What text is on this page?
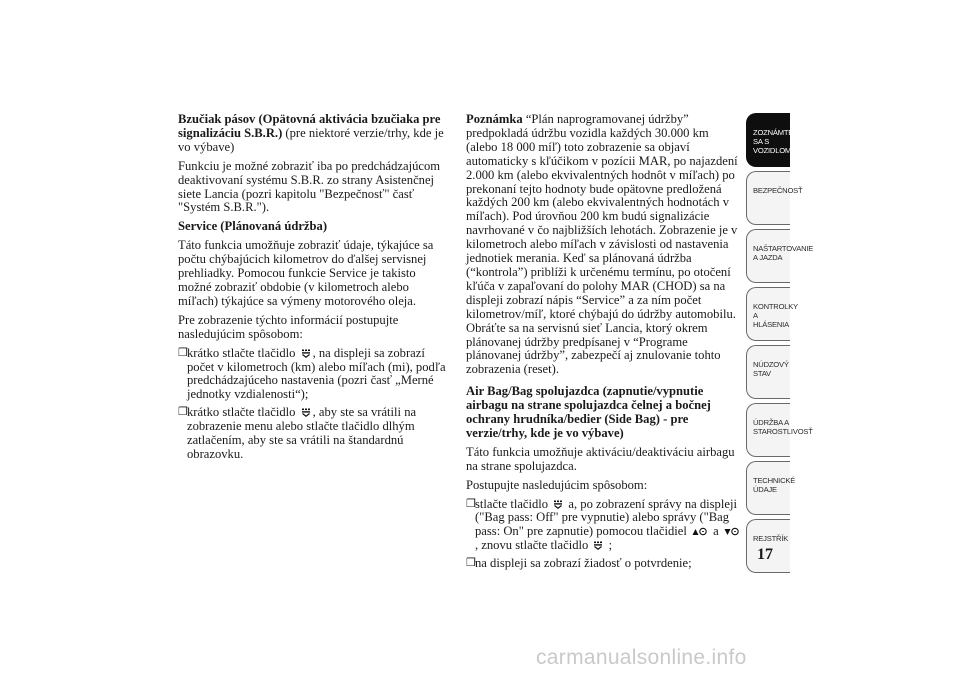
Bzučiak pásov (Opätovná aktivácia bzučiaka pre signalizáciu S.B.R.) (pre niektoré verzie/trhy, kde je vo výbave)

Funkciu je možné zobraziť iba po predchádzajúcom deaktivovaní systému S.B.R. zo strany Asistenčnej siete Lancia (pozri kapitolu "Bezpečnosť" časť "Systém S.B.R.").

Service (Plánovaná údržba)

Táto funkcia umožňuje zobraziť údaje, týkajúce sa počtu chýbajúcich kilometrov do ďalšej servisnej prehliadky. Pomocou funkcie Service je takisto možné zobraziť obdobie (v kilometroch alebo míľach) týkajúce sa výmeny motorového oleja.

Pre zobrazenie týchto informácií postupujte nasledujúcim spôsobom:

❒ krátko stlačte tlačidlo
, na displeji sa zobrazí počet v kilometroch (km) alebo míľach (mi), podľa predchádzajúceho nastavenia (pozri časť „Merné jednotky vzdialenosti“);
❒ krátko stlačte tlačidlo
, aby ste sa vrátili na zobrazenie menu alebo stlačte tlačidlo dlhým zatlačením, aby ste sa vrátili na štandardnú obrazovku.

Poznámka “Plán naprogramovanej údržby” predpokladá údržbu vozidla každých 30.000 km (alebo 18 000 míľ) toto zobrazenie sa objaví automaticky s kľúčikom v pozícii MAR, po najazdení 2.000 km (alebo ekvivalentných hodnôt v míľach) po prekonaní tejto hodnoty bude opätovne predložená každých 200 km (alebo ekvivalentných hodnotách v míľach). Pod úrovňou 200 km budú signalizácie navrhované v čo najbližších lehotách. Zobrazenie je v kilometroch alebo míľach v závislosti od nastavenia jednotiek merania. Keď sa plánovaná údržba (“kontrola”) priblíži k určenému termínu, po otočení kľúča v zapaľovaní do polohy MAR (CHOD) sa na displeji zobrazí nápis “Service” a za ním počet kilometrov/míľ, ktoré chýbajú do údržby automobilu. Obráťte sa na servisnú sieť Lancia, ktorý okrem plánovanej údržby predpísanej v “Programe plánovanej údržby”, zabezpečí aj znulovanie tohto zobrazenia (reset).

Air Bag/Bag spolujazdca (zapnutie/vypnutie airbagu na strane spolujazdca čelnej a bočnej ochrany hrudníka/bedier (Side Bag) - pre verzie/trhy, kde je vo výbave)

Táto funkcia umožňuje aktiváciu/deaktiváciu airbagu na strane spolujazdca.

Postupujte nasledujúcim spôsobom:

❒ stlačte tlačidlo
a, po zobrazení správy na displeji ("Bag pass: Off" pre vypnutie) alebo správy ("Bag pass: On" pre zapnutie) pomocou tlačidiel
a
, znovu stlačte tlačidlo
;
❒ na displeji sa zobrazí žiadosť o potvrdenie;
ZOZNÁMTE SA S VOZIDLOM
BEZPEČNOSŤ
NAŠTARTOVANIE A JAZDA
KONTROLKY A HLÁSENIA
NÚDZOVÝ STAV
ÚDRŽBA A STAROSTLIVOSŤ
TECHNICKÉ ÚDAJE
REJSTŘÍK
17
carmanualsonline.info
